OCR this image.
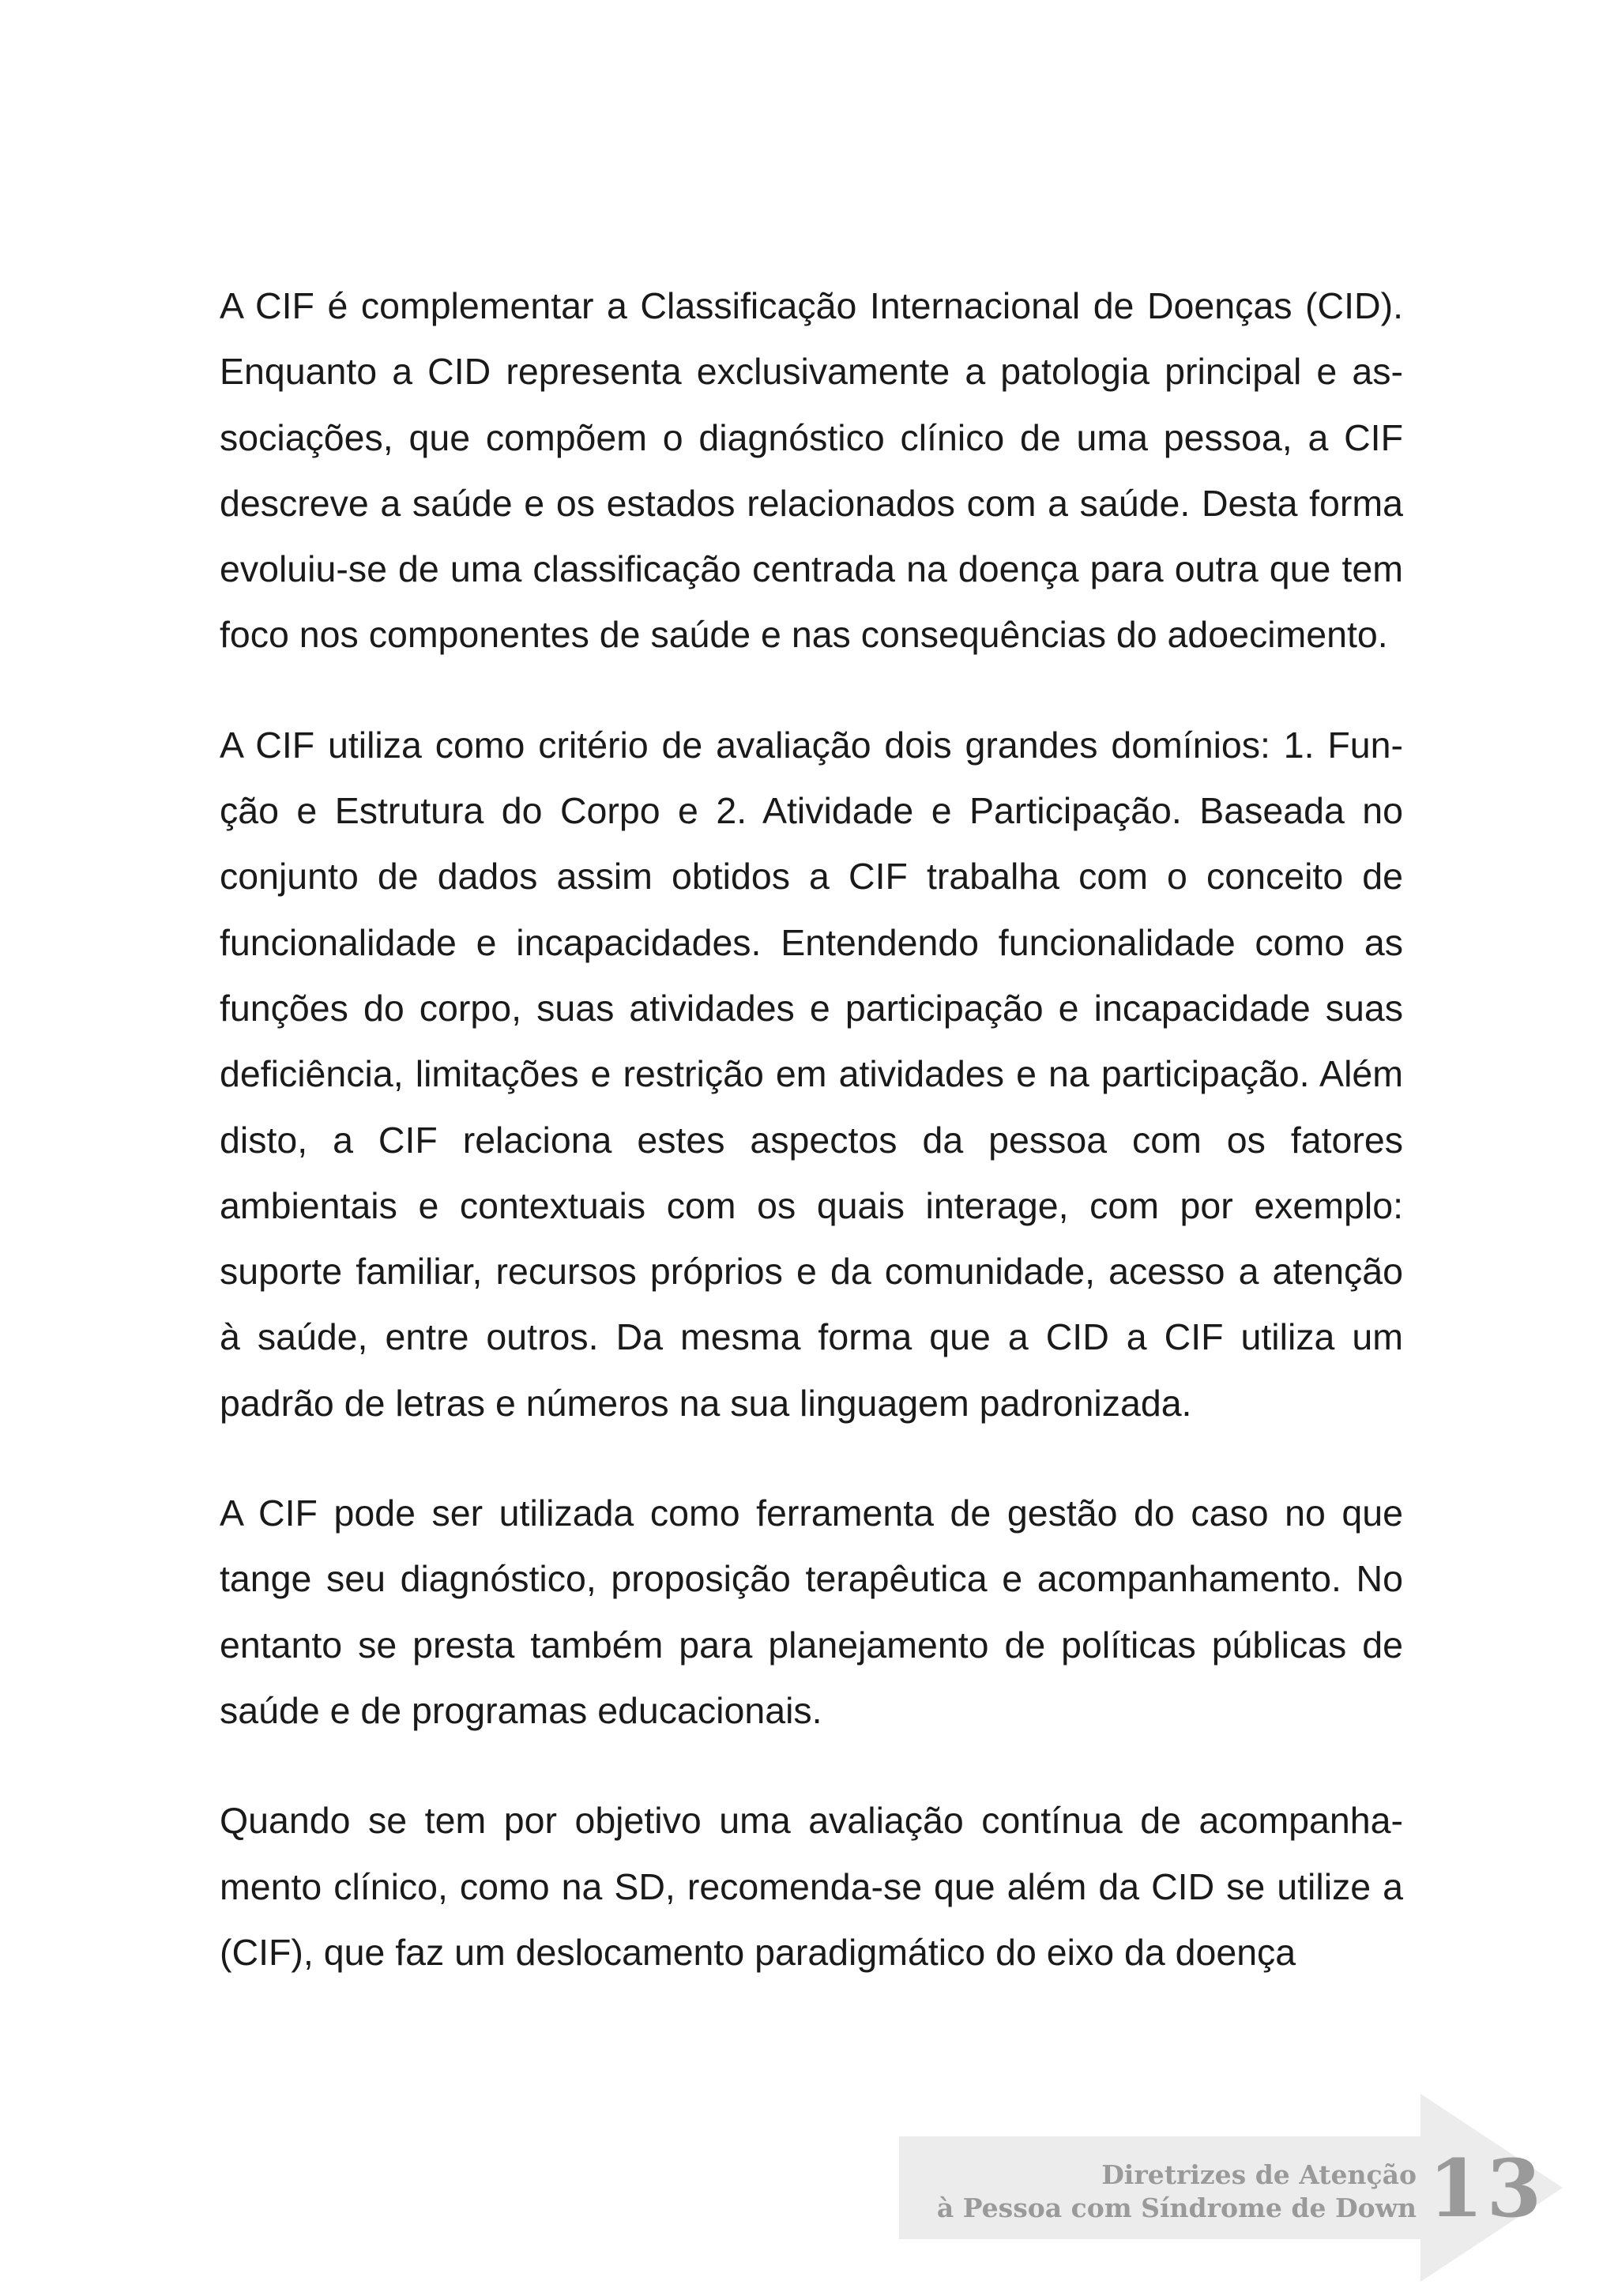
A CIF é complementar a Classificação Internacional de Doenças (CID). Enquanto a CID representa exclusivamente a patologia principal e associações, que compõem o diagnóstico clínico de uma pessoa, a CIF descreve a saúde e os estados relacionados com a saúde. Desta forma evoluiu-se de uma classificação centrada na doença para outra que tem foco nos componentes de saúde e nas consequências do adoecimento.

A CIF utiliza como critério de avaliação dois grandes domínios: 1. Função e Estrutura do Corpo e 2. Atividade e Participação. Baseada no conjunto de dados assim obtidos a CIF trabalha com o conceito de funcionalidade e incapacidades. Entendendo funcionalidade como as funções do corpo, suas atividades e participação e incapacidade suas deficiência, limitações e restrição em atividades e na participação. Além disto, a CIF relaciona estes aspectos da pessoa com os fatores ambientais e contextuais com os quais interage, com por exemplo: suporte familiar, recursos próprios e da comunidade, acesso a atenção à saúde, entre outros. Da mesma forma que a CID a CIF utiliza um padrão de letras e números na sua linguagem padronizada.

A CIF pode ser utilizada como ferramenta de gestão do caso no que tange seu diagnóstico, proposição terapêutica e acompanhamento. No entanto se presta também para planejamento de políticas públicas de saúde e de programas educacionais.

Quando se tem por objetivo uma avaliação contínua de acompanhamento clínico, como na SD, recomenda-se que além da CID se utilize a (CIF), que faz um deslocamento paradigmático do eixo da doença

Diretrizes de Atenção
à Pessoa com Síndrome de Down 13
